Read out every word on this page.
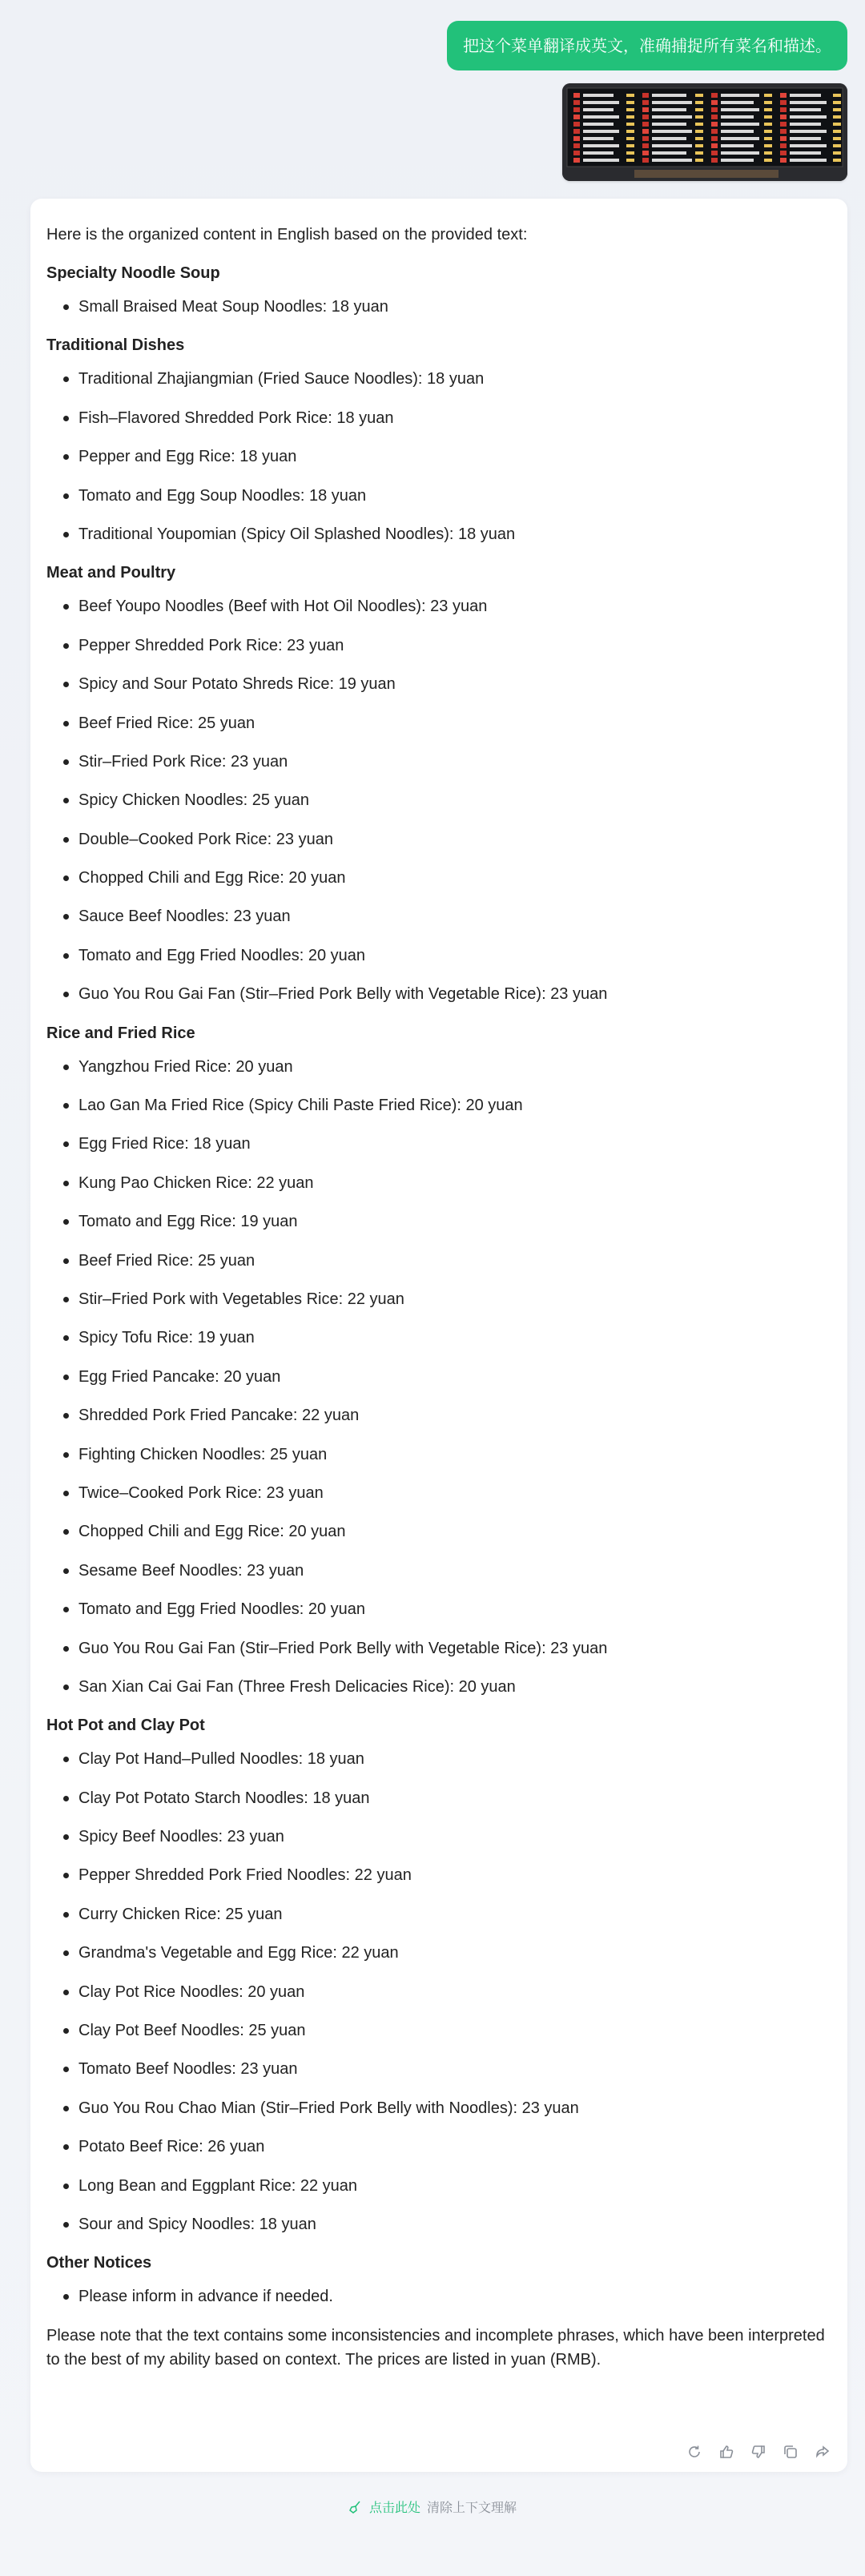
把这个菜单翻译成英文，准确捕捉所有菜名和描述。

Here is the organized content in English based on the provided text:

Specialty Noodle Soup

Small Braised Meat Soup Noodles: 18 yuan

Traditional Dishes

Traditional Zhajiangmian (Fried Sauce Noodles): 18 yuan
Fish–Flavored Shredded Pork Rice: 18 yuan
Pepper and Egg Rice: 18 yuan
Tomato and Egg Soup Noodles: 18 yuan
Traditional Youpomian (Spicy Oil Splashed Noodles): 18 yuan

Meat and Poultry

Beef Youpo Noodles (Beef with Hot Oil Noodles): 23 yuan
Pepper Shredded Pork Rice: 23 yuan
Spicy and Sour Potato Shreds Rice: 19 yuan
Beef Fried Rice: 25 yuan
Stir–Fried Pork Rice: 23 yuan
Spicy Chicken Noodles: 25 yuan
Double–Cooked Pork Rice: 23 yuan
Chopped Chili and Egg Rice: 20 yuan
Sauce Beef Noodles: 23 yuan
Tomato and Egg Fried Noodles: 20 yuan
Guo You Rou Gai Fan (Stir–Fried Pork Belly with Vegetable Rice): 23 yuan

Rice and Fried Rice

Yangzhou Fried Rice: 20 yuan
Lao Gan Ma Fried Rice (Spicy Chili Paste Fried Rice): 20 yuan
Egg Fried Rice: 18 yuan
Kung Pao Chicken Rice: 22 yuan
Tomato and Egg Rice: 19 yuan
Beef Fried Rice: 25 yuan
Stir–Fried Pork with Vegetables Rice: 22 yuan
Spicy Tofu Rice: 19 yuan
Egg Fried Pancake: 20 yuan
Shredded Pork Fried Pancake: 22 yuan
Fighting Chicken Noodles: 25 yuan
Twice–Cooked Pork Rice: 23 yuan
Chopped Chili and Egg Rice: 20 yuan
Sesame Beef Noodles: 23 yuan
Tomato and Egg Fried Noodles: 20 yuan
Guo You Rou Gai Fan (Stir–Fried Pork Belly with Vegetable Rice): 23 yuan
San Xian Cai Gai Fan (Three Fresh Delicacies Rice): 20 yuan

Hot Pot and Clay Pot

Clay Pot Hand–Pulled Noodles: 18 yuan
Clay Pot Potato Starch Noodles: 18 yuan
Spicy Beef Noodles: 23 yuan
Pepper Shredded Pork Fried Noodles: 22 yuan
Curry Chicken Rice: 25 yuan
Grandma's Vegetable and Egg Rice: 22 yuan
Clay Pot Rice Noodles: 20 yuan
Clay Pot Beef Noodles: 25 yuan
Tomato Beef Noodles: 23 yuan
Guo You Rou Chao Mian (Stir–Fried Pork Belly with Noodles): 23 yuan
Potato Beef Rice: 26 yuan
Long Bean and Eggplant Rice: 22 yuan
Sour and Spicy Noodles: 18 yuan

Other Notices

Please inform in advance if needed.

Please note that the text contains some inconsistencies and incomplete phrases, which have been interpreted to the best of my ability based on context. The prices are listed in yuan (RMB).

点击此处 清除上下文理解
